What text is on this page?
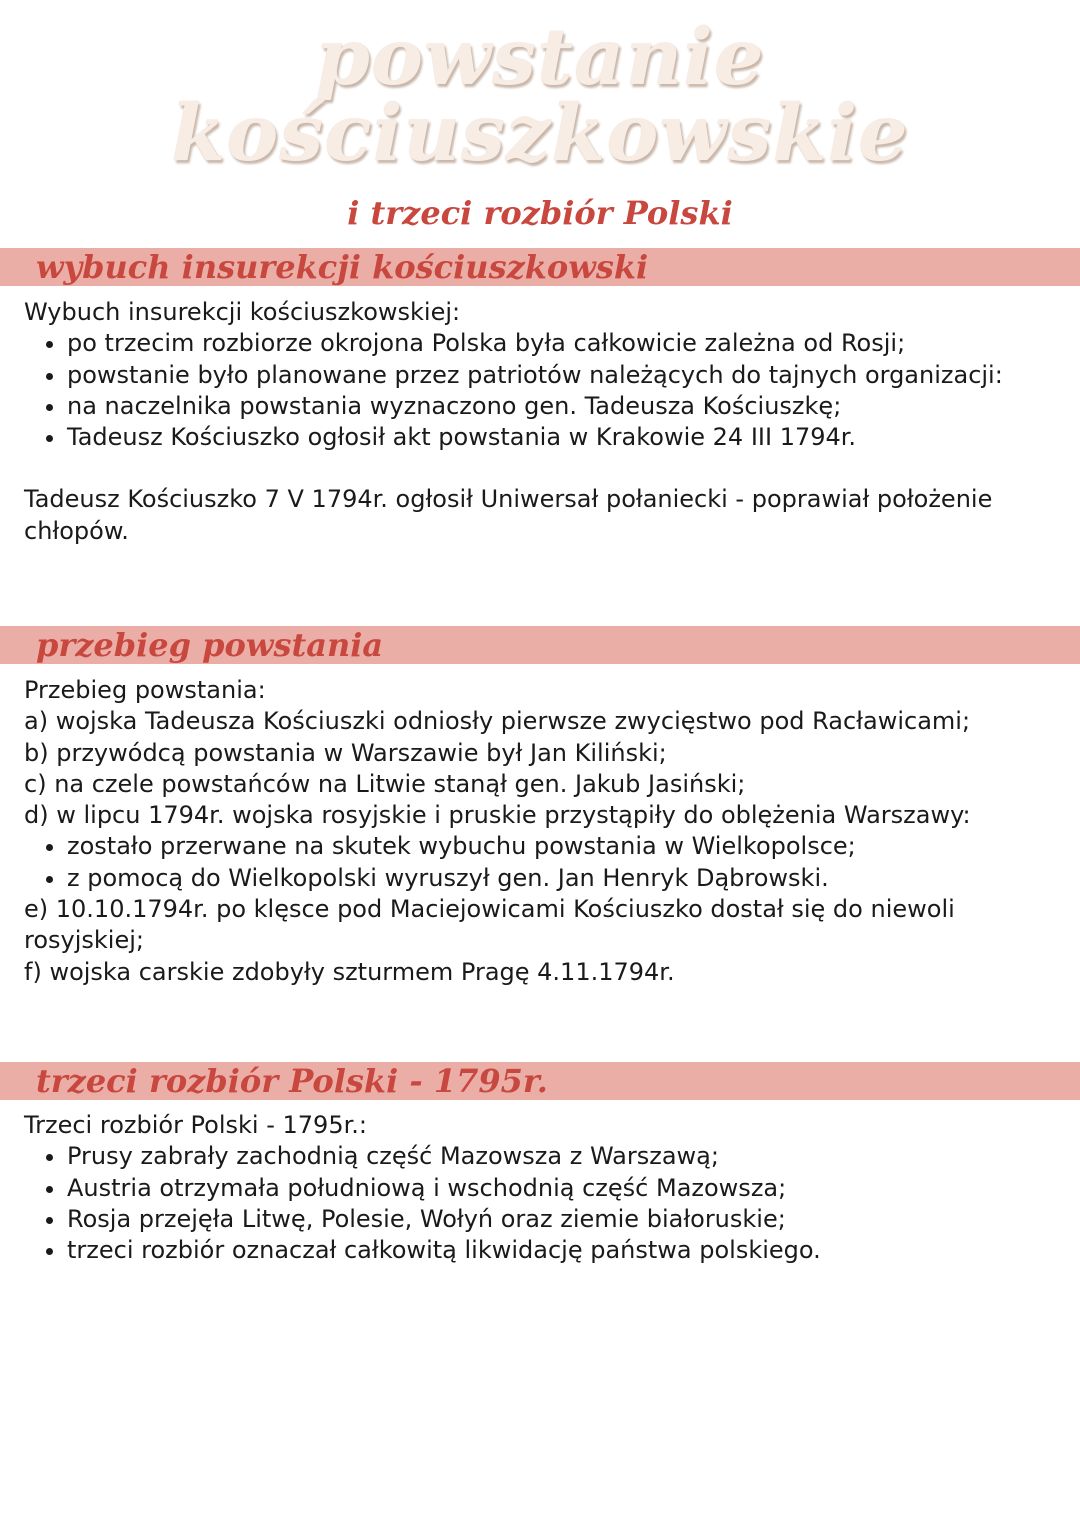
powstanie
kościuszkowskie
i trzeci rozbiór Polski
wybuch insurekcji kościuszkowski

Wybuch insurekcji kościuszkowskiej:

po trzecim rozbiorze okrojona Polska była całkowicie zależna od Rosji;
powstanie było planowane przez patriotów należących do tajnych organizacji:
na naczelnika powstania wyznaczono gen. Tadeusza Kościuszkę;
Tadeusz Kościuszko ogłosił akt powstania w Krakowie 24 III 1794r.

Tadeusz Kościuszko 7 V 1794r. ogłosił Uniwersał połaniecki - poprawiał położenie chłopów.

przebieg powstania

Przebieg powstania:

a) wojska Tadeusza Kościuszki odniosły pierwsze zwycięstwo pod Racławicami;

b) przywódcą powstania w Warszawie był Jan Kiliński;

c) na czele powstańców na Litwie stanął gen. Jakub Jasiński;

d) w lipcu 1794r. wojska rosyjskie i pruskie przystąpiły do oblężenia Warszawy:

zostało przerwane na skutek wybuchu powstania w Wielkopolsce;
z pomocą do Wielkopolski wyruszył gen. Jan Henryk Dąbrowski.

e) 10.10.1794r. po klęsce pod Maciejowicami Kościuszko dostał się do niewoli rosyjskiej;

f) wojska carskie zdobyły szturmem Pragę 4.11.1794r.

trzeci rozbiór Polski - 1795r.

Trzeci rozbiór Polski - 1795r.:

Prusy zabrały zachodnią część Mazowsza z Warszawą;
Austria otrzymała południową i wschodnią część Mazowsza;
Rosja przejęła Litwę, Polesie, Wołyń oraz ziemie białoruskie;
trzeci rozbiór oznaczał całkowitą likwidację państwa polskiego.
